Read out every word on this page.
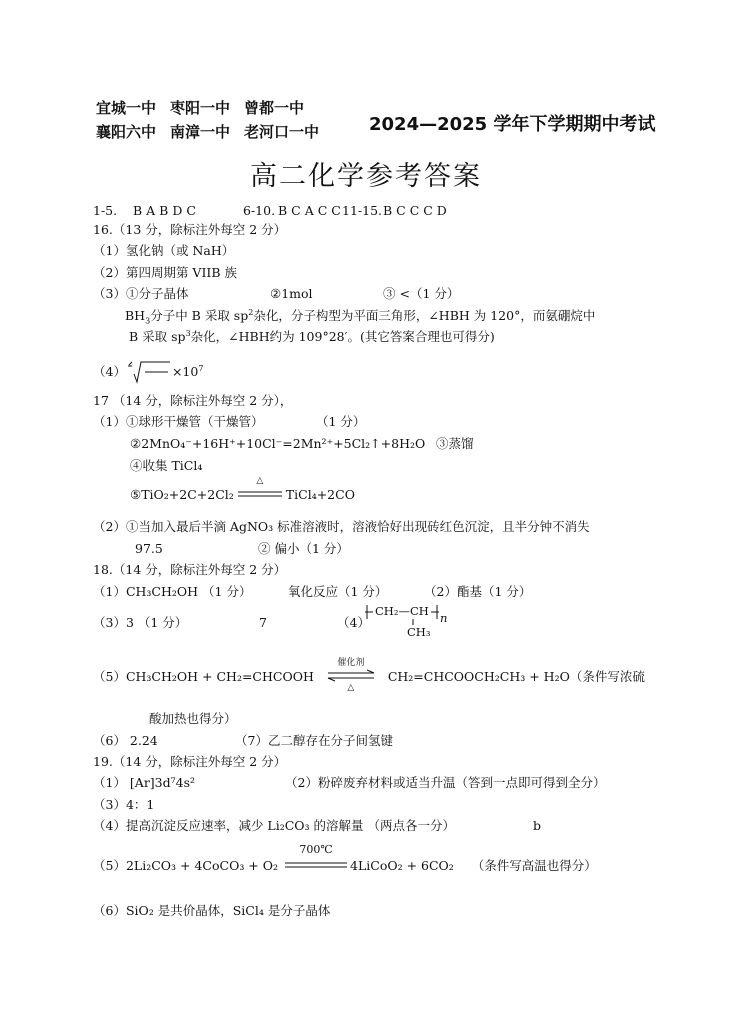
宜城一中 枣阳一中 曾都一中
襄阳六中 南漳一中 老河口一中	2024—2025 学年下学期期中考试
高二化学参考答案
1-5. B A B D C	6-10. B C A C C 11-15. B C C C D
16.（13 分，除标注外每空 2 分）
（1）氢化钠（或 NaH）
（2）第四周期第 VIIB 族
（3）①分子晶体	②1mol	③ <（1 分）
$BH_3$分子中 B 采取 $sp^2$杂化，分子构型为平面三角形，∠HBH 为 120°，而氨硼烷中
B 采取 $sp^3$杂化，∠HBH约为 109°28′。(其它答案合理也可得分)
（4）	$\times 10^7$
17 （14 分，除标注外每空 2 分），
（1）①球形干燥管（干燥管）	（1 分）
②2MnO₄⁻+16H⁺+10Cl⁻=2Mn²⁺+5Cl₂↑+8H₂O ③蒸馏
④收集 TiCl₄
⑤TiO₂+2C+2Cl₂
△
TiCl₄+2CO
（2）①当加入最后半滴 AgNO₃ 标准溶液时，溶液恰好出现砖红色沉淀，且半分钟不消失
97.5	② 偏小（1 分）
18.（14 分，除标注外每空 2 分）
（1）CH₃CH₂OH （1 分）	氧化反应（1 分）	（2）酯基（1 分）
（3）3 （1 分）	7	（4）
CH₂—CH n
CH₃
（5）CH₃CH₂OH + CH₂=CHCOOH
催化剂
△
CH₂=CHCOOCH₂CH₃ + H₂O（条件写浓硫
酸加热也得分）
（6） 2.24	（7）乙二醇存在分子间氢键
19.（14 分，除标注外每空 2 分）
（1） [Ar]3d⁷4s²	（2）粉碎废弃材料或适当升温（答到一点即可得到全分）
（3）4：1
（4）提高沉淀反应速率，减少 Li₂CO₃ 的溶解量 （两点各一分）	b
（5）2Li₂CO₃ + 4CoCO₃ + O₂
700℃
4LiCoO₂ + 6CO₂ （条件写高温也得分）
（6）SiO₂ 是共价晶体，SiCl₄ 是分子晶体
